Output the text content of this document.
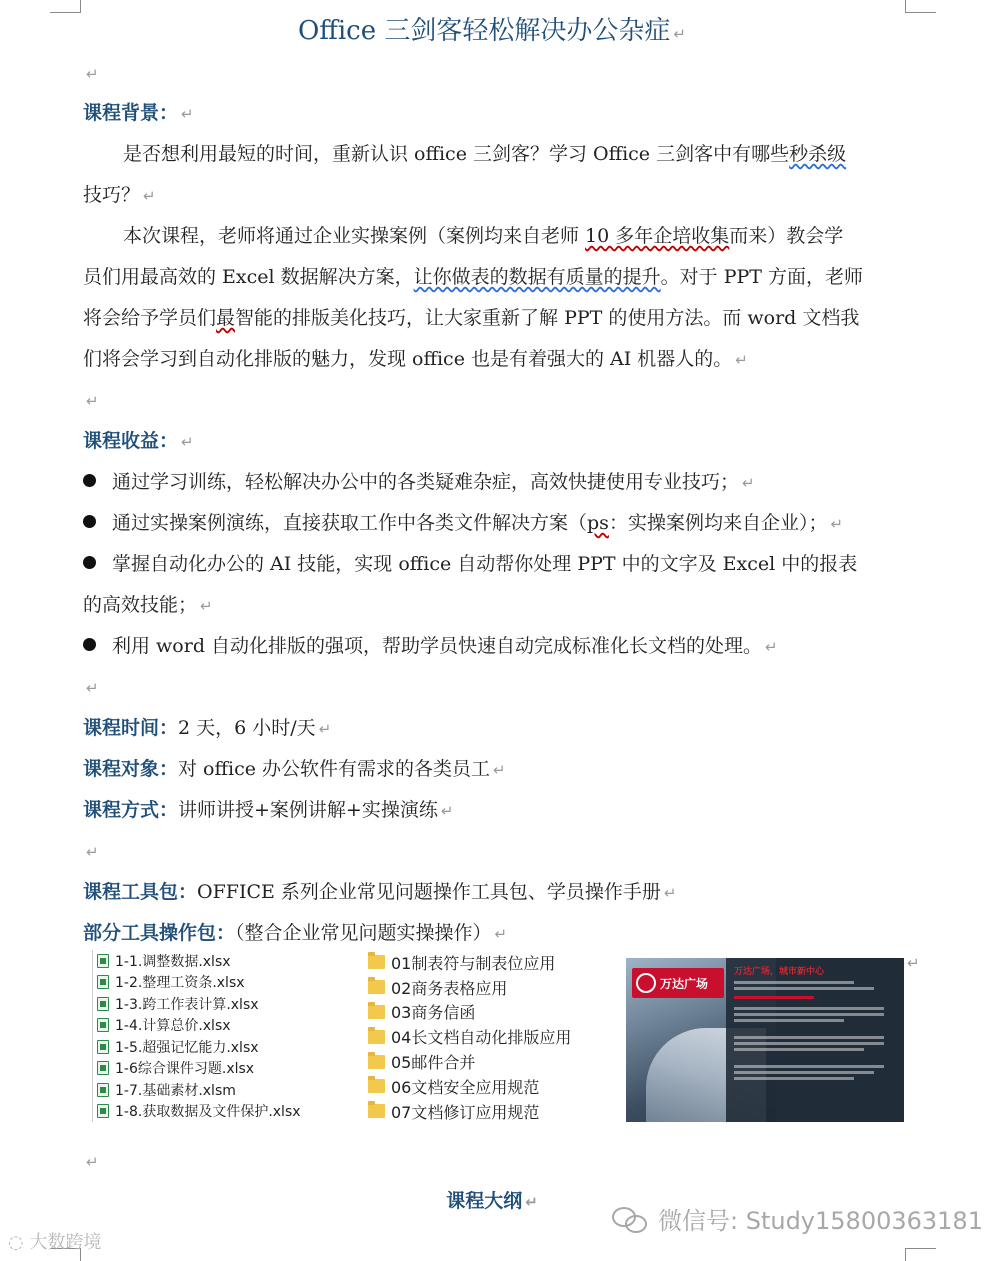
Office 三剑客轻松解决办公杂症 ↵
↵
课程背景： ↵
是否想利用最短的时间，重新认识 office 三剑客？学习 Office 三剑客中有哪些秒杀级
技巧？ ↵
本次课程，老师将通过企业实操案例（案例均来自老师 10 多年企培收集而来）教会学
员们用最高效的 Excel 数据解决方案，让你做表的数据有质量的提升。对于 PPT 方面，老师
将会给予学员们最智能的排版美化技巧，让大家重新了解 PPT 的使用方法。而 word 文档我
们将会学习到自动化排版的魅力，发现 office 也是有着强大的 AI 机器人的。 ↵
↵
课程收益： ↵
通过学习训练，轻松解决办公中的各类疑难杂症，高效快捷使用专业技巧； ↵
通过实操案例演练，直接获取工作中各类文件解决方案（ps：实操案例均来自企业）； ↵
掌握自动化办公的 AI 技能，实现 office 自动帮你处理 PPT 中的文字及 Excel 中的报表
的高效技能； ↵
利用 word 自动化排版的强项，帮助学员快速自动完成标准化长文档的处理。 ↵
↵
课程时间：2 天，6 小时/天 ↵
课程对象：对 office 办公软件有需求的各类员工 ↵
课程方式：讲师讲授+案例讲解+实操演练 ↵
↵
课程工具包：OFFICE 系列企业常见问题操作工具包、学员操作手册 ↵
部分工具操作包：（整合企业常见问题实操操作） ↵
1-1.调整数据.xlsx
1-2.整理工资条.xlsx
1-3.跨工作表计算.xlsx
1-4.计算总价.xlsx
1-5.超强记忆能力.xlsx
1-6综合课件习题.xlsx
1-7.基础素材.xlsm
1-8.获取数据及文件保护.xlsx
01制表符与制表位应用
02商务表格应用
03商务信函
04长文档自动化排版应用
05邮件合并
06文档安全应用规范
07文档修订应用规范
万达广场，城市新中心
万达广场
↵
↵
课程大纲 ↵
◌ 大数跨境
微信号: Study15800363181
